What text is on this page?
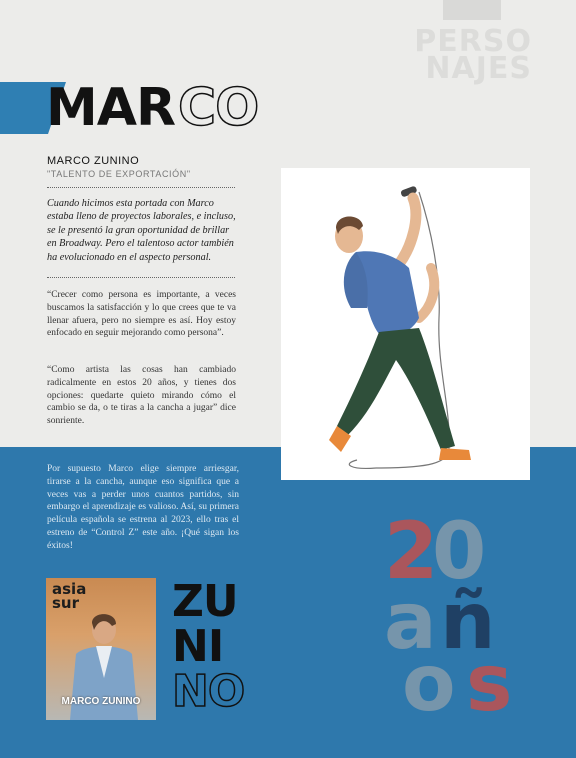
PERSO
NAJES
MAR CO
MARCO ZUNINO
"TALENTO DE EXPORTACIÓN"
Cuando hicimos esta portada con Marco estaba lleno de proyectos laborales, e incluso, se le presentó la gran oportunidad de brillar en Broadway. Pero el talentoso actor también ha evolucionado en el aspecto personal.
“Crecer como persona es importante, a veces buscamos la satisfacción y lo que crees que te va llenar afuera, pero no siempre es así. Hoy estoy enfocado en seguir mejorando como persona”.
“Como artista las cosas han cambiado radicalmente en estos 20 años, y tienes dos opciones: quedarte quieto mirando cómo el cambio se da, o te tiras a la cancha a jugar” dice sonriente.
Por supuesto Marco elige siempre arriesgar, tirarse a la cancha, aunque eso significa que a veces vas a perder unos cuantos partidos, sin embargo el aprendizaje es valioso. Así, su primera película española se estrena al 2023, ello tras el estreno de “Control Z” este año. ¡Qué sigan los éxitos!
asia
sur
MARCO ZUNINO
ZU
NI
NO
2
0
a ñ
o s
